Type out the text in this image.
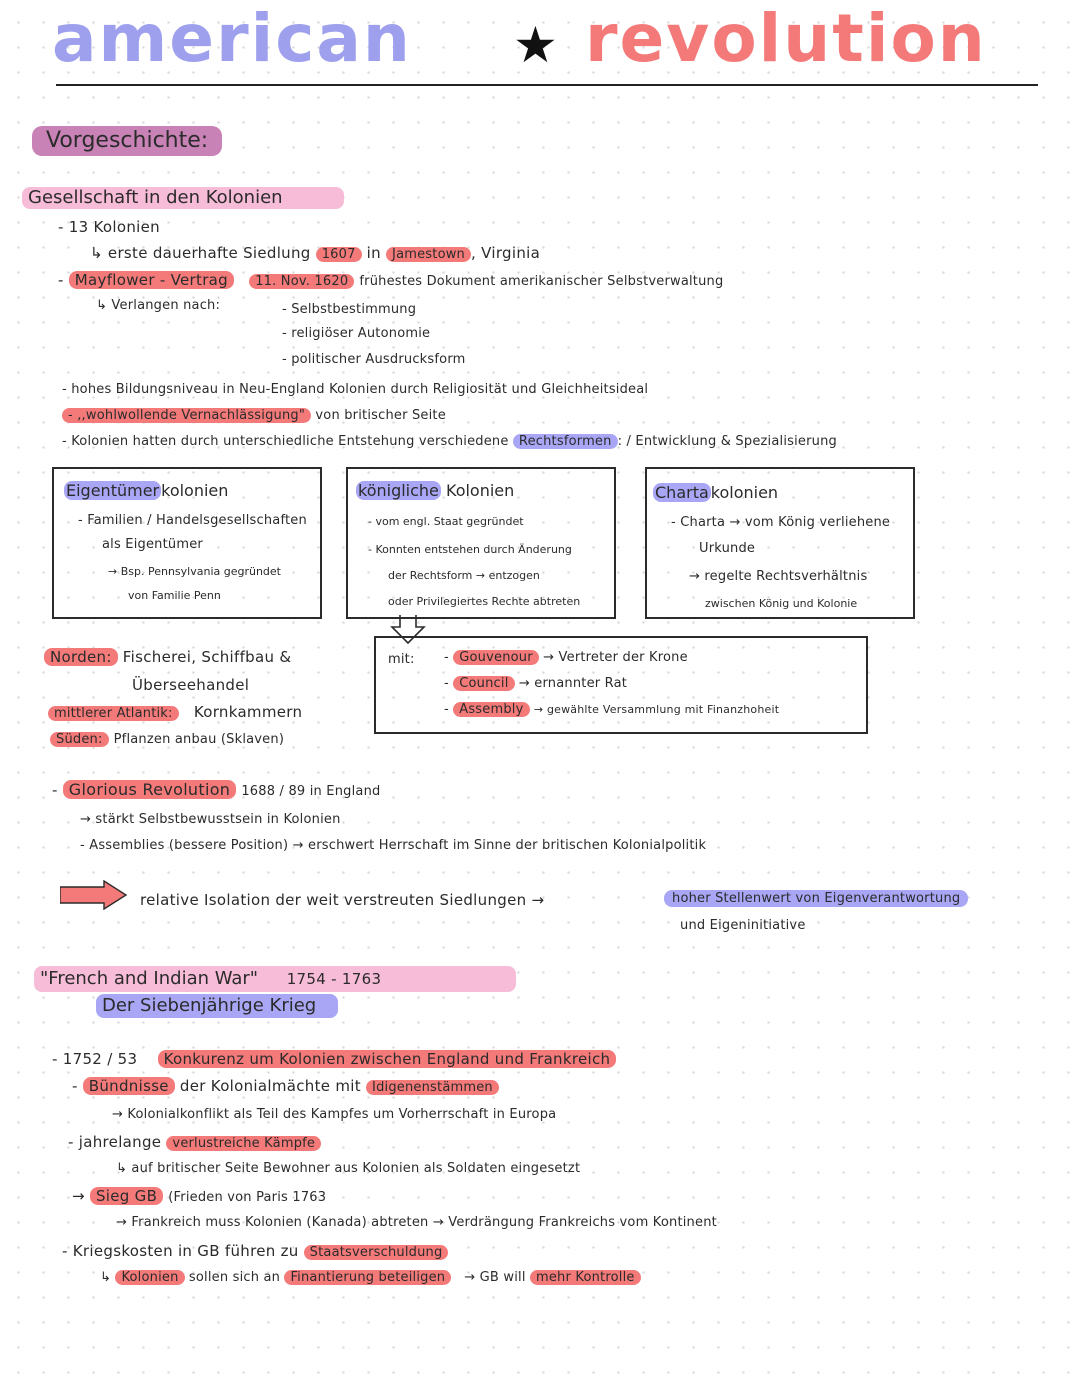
american ★ revolution
Vorgeschichte:
Gesellschaft in den Kolonien
- 13 Kolonien
↳ erste dauerhafte Siedlung 1607 in Jamestown , Virginia
- Mayflower - Vertrag 11. Nov. 1620 frühestes Dokument amerikanischer Selbstverwaltung
↳ Verlangen nach:	- Selbstbestimmung
- religiöser Autonomie
- politischer Ausdrucksform
- hohes Bildungsniveau in Neu-England Kolonien durch Religiosität und Gleichheitsideal
- ,,wohlwollende Vernachlässigung" von britischer Seite
- Kolonien hatten durch unterschiedliche Entstehung verschiedene Rechtsformen : / Entwicklung & Spezialisierung
Eigentümer kolonien
- Familien / Handelsgesellschaften
als Eigentümer
→ Bsp. Pennsylvania gegründet
von Familie Penn
königliche Kolonien
- vom engl. Staat gegründet
- Konnten entstehen durch Änderung
der Rechtsform → entzogen
oder Privilegiertes Rechte abtreten
Charta kolonien
- Charta → vom König verliehene
Urkunde
→ regelte Rechtsverhältnis
zwischen König und Kolonie
mit: - Gouvenour → Vertreter der Krone
- Council → ernannter Rat
- Assembly → gewählte Versammlung mit Finanzhoheit
Norden: Fischerei, Schiffbau &
Überseehandel
mittlerer Atlantik: Kornkammern
Süden: Pflanzen anbau (Sklaven)
- Glorious Revolution 1688 / 89 in England
→ stärkt Selbstbewusstsein in Kolonien
- Assemblies (bessere Position) → erschwert Herrschaft im Sinne der britischen Kolonialpolitik
relative Isolation der weit verstreuten Siedlungen →	hoher Stellenwert von Eigenverantwortung
und Eigeninitiative
"French and Indian War" 1754 - 1763
Der Siebenjährige Krieg
- 1752 / 53 Konkurenz um Kolonien zwischen England und Frankreich
- Bündnisse der Kolonialmächte mit Idigenenstämmen
→ Kolonialkonflikt als Teil des Kampfes um Vorherrschaft in Europa
- jahrelange verlustreiche Kämpfe
↳ auf britischer Seite Bewohner aus Kolonien als Soldaten eingesetzt
→ Sieg GB (Frieden von Paris 1763
→ Frankreich muss Kolonien (Kanada) abtreten → Verdrängung Frankreichs vom Kontinent
- Kriegskosten in GB führen zu Staatsverschuldung
↳ Kolonien sollen sich an Finantierung beteiligen → GB will mehr Kontrolle
